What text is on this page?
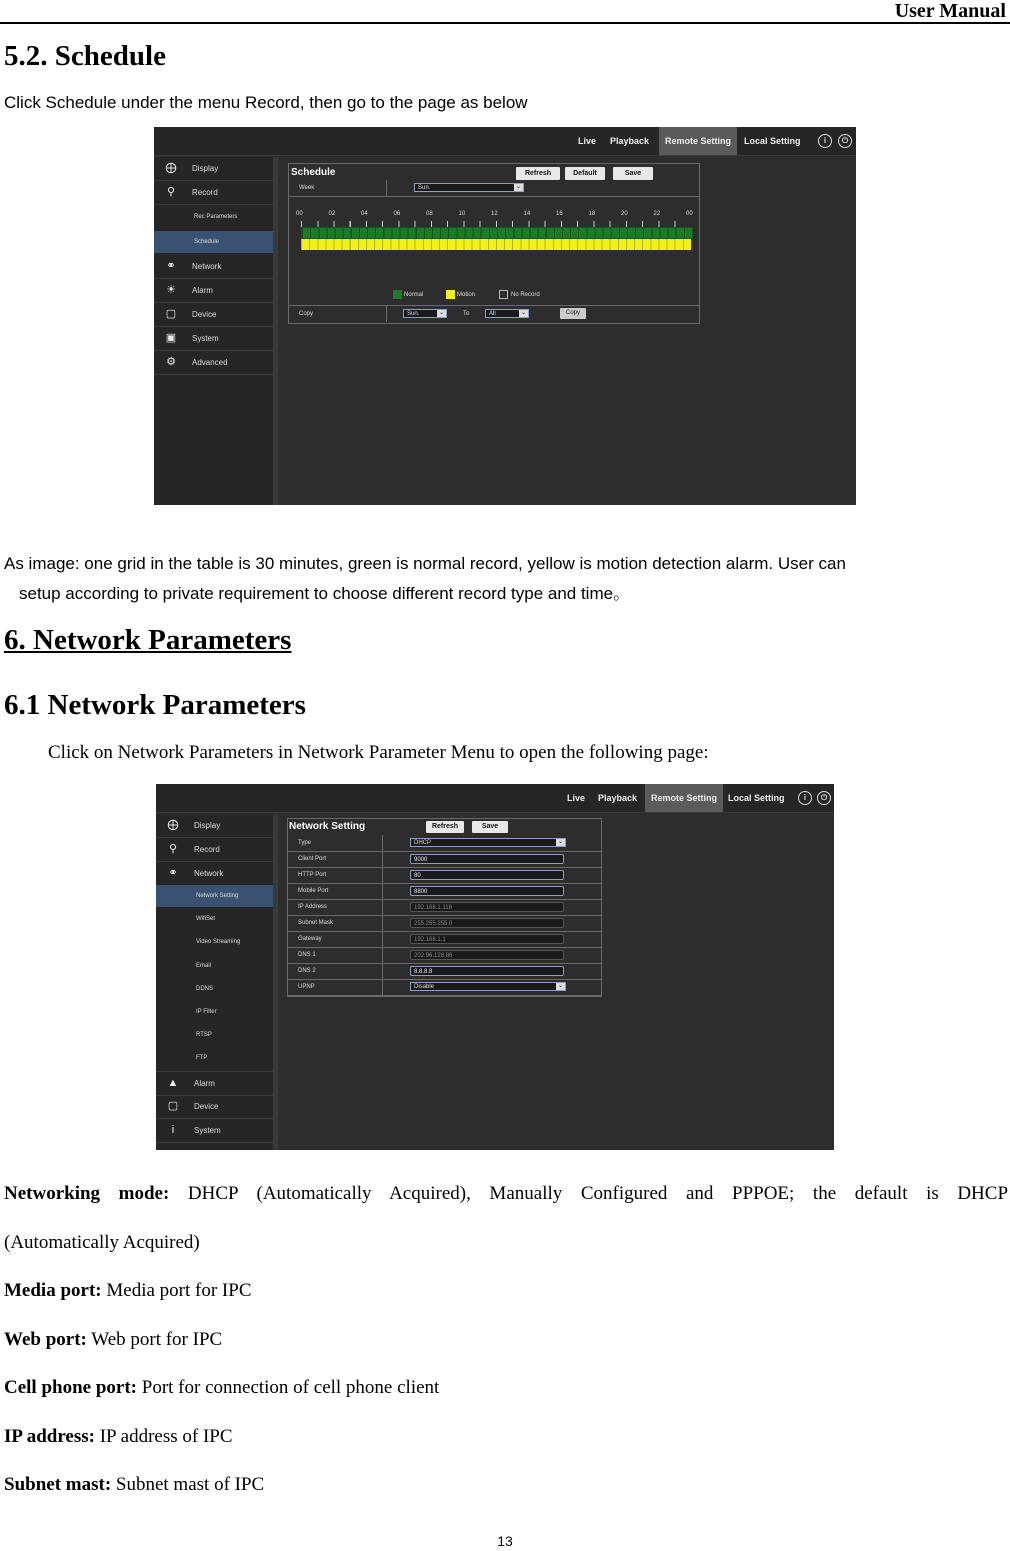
User Manual
5.2. Schedule
Click Schedule under the menu Record, then go to the page as below
Live	Playback	Remote Setting	Local Setting	i	⏻
⨁ Display
⚲	Record
Rec Parameters
Schedule
⚭ Network
☀ Alarm
▢ Device
▣ System
⚙ Advanced
Schedule	Refresh	Default	Save
Week	Sun.	⌄
Copy	Sun.	⌄	To	All	⌄	Copy
00	02	04	06	08	10	12	14	16	18	20	22	00
Normal	Motion	No Record
As image: one grid in the table is 30 minutes, green is normal record, yellow is motion detection alarm. User can
setup according to private requirement to choose different record type and time。
6. Network Parameters
6.1 Network Parameters
Click on Network Parameters in Network Parameter Menu to open the following page:
Live	Playback	Remote Setting	Local Setting	i	⏻
⨁ Display
⚲	Record
⚭ Network
Network Setting
WifiSet
Video Streaming
Email
DDNS
IP Filter
RTSP
FTP
▲ Alarm
▢ Device
i	System
Network Setting	Refresh	Save
Type	DHCP	⌄
Client Port	9000
HTTP Port	80
Mobile Port	8800
IP Address	192.168.1.118
Subnet Mask	255.255.255.0
Gateway	192.168.1.1
DNS 1	202.96.128.86
DNS 2	8.8.8.8
UPNP	Disable	⌄

Networking mode: DHCP (Automatically Acquired), Manually Configured and PPPOE; the default is DHCP

(Automatically Acquired)

Media port: Media port for IPC

Web port: Web port for IPC

Cell phone port: Port for connection of cell phone client

IP address: IP address of IPC

Subnet mast: Subnet mast of IPC

13
